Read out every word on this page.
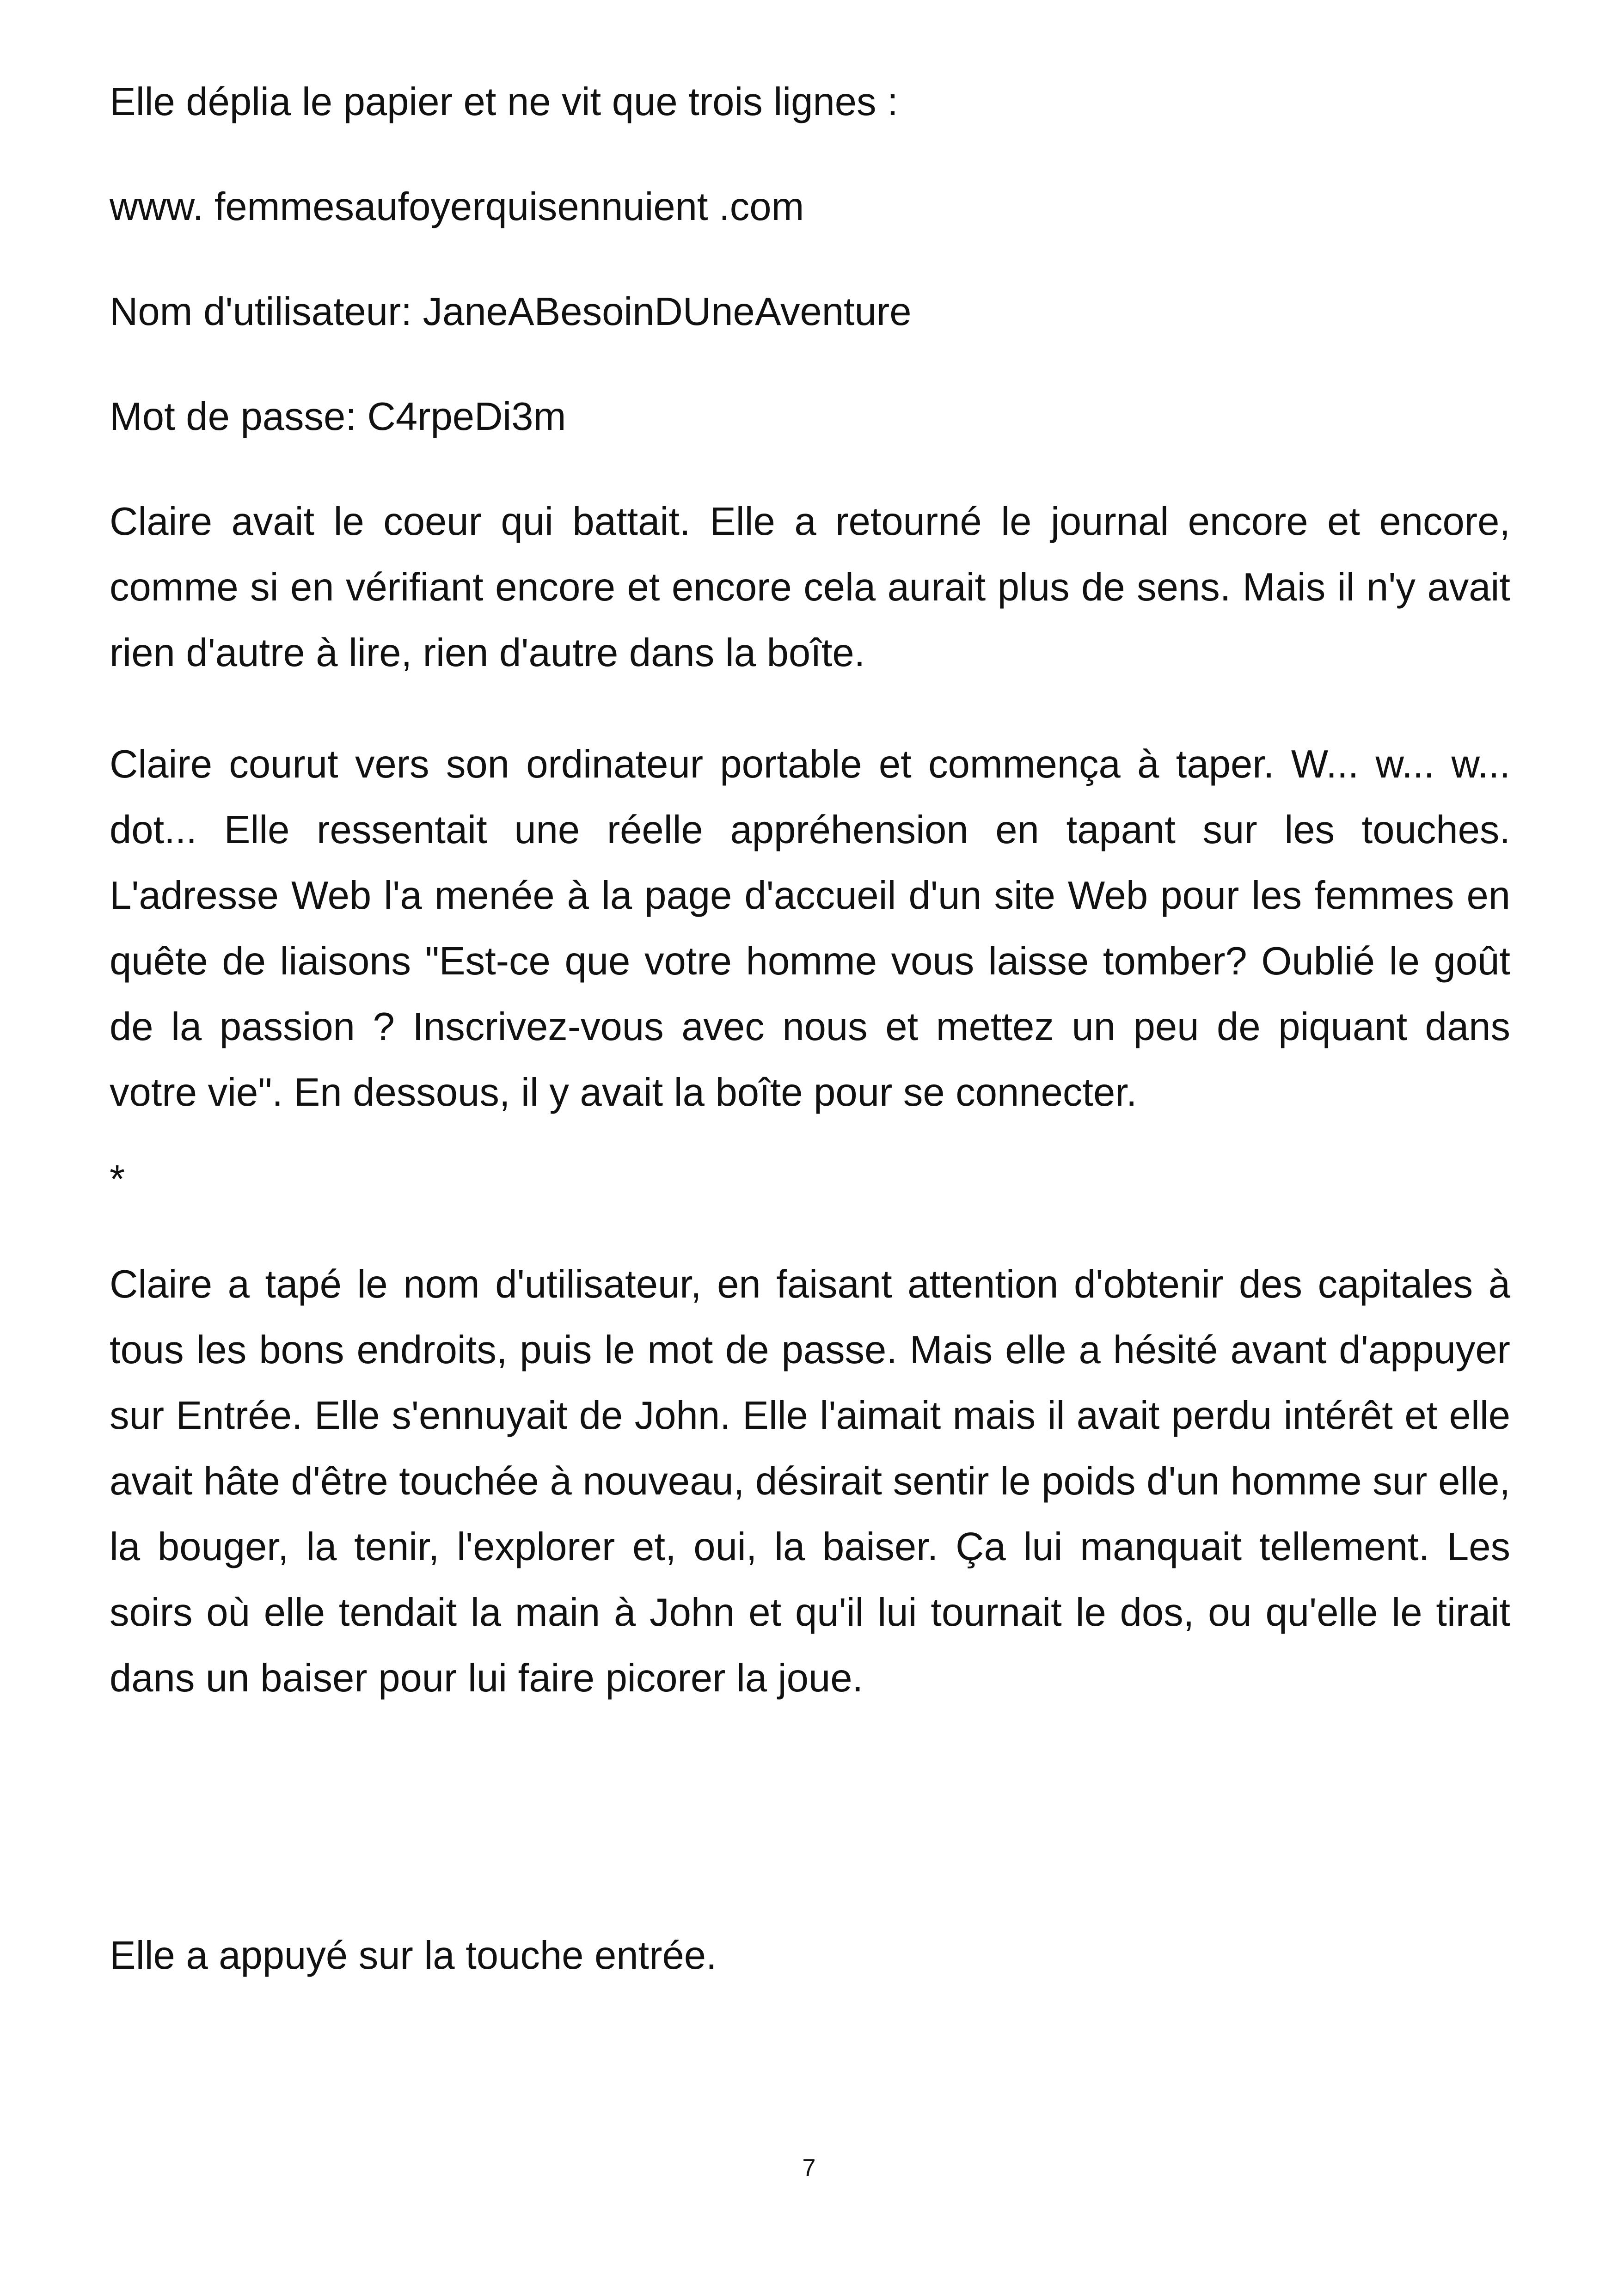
Elle déplia le papier et ne vit que trois lignes :

www. femmesaufoyerquisennuient .com

Nom d'utilisateur: JaneABesoinDUneAventure

Mot de passe: C4rpeDi3m

Claire avait le coeur qui battait. Elle a retourné le journal encore et encore, comme si en vérifiant encore et encore cela aurait plus de sens. Mais il n'y avait rien d'autre à lire, rien d'autre dans la boîte.

Claire courut vers son ordinateur portable et commença à taper. W... w... w... dot... Elle ressentait une réelle appréhension en tapant sur les touches. L'adresse Web l'a menée à la page d'accueil d'un site Web pour les femmes en quête de liaisons "Est-ce que votre homme vous laisse tomber? Oublié le goût de la passion ? Inscrivez-vous avec nous et mettez un peu de piquant dans votre vie". En dessous, il y avait la boîte pour se connecter.

*

Claire a tapé le nom d'utilisateur, en faisant attention d'obtenir des capitales à tous les bons endroits, puis le mot de passe. Mais elle a hésité avant d'appuyer sur Entrée. Elle s'ennuyait de John. Elle l'aimait mais il avait perdu intérêt et elle avait hâte d'être touchée à nouveau, désirait sentir le poids d'un homme sur elle, la bouger, la tenir, l'explorer et, oui, la baiser. Ça lui manquait tellement. Les soirs où elle tendait la main à John et qu'il lui tournait le dos, ou qu'elle le tirait dans un baiser pour lui faire picorer la joue.

Elle a appuyé sur la touche entrée.

7
